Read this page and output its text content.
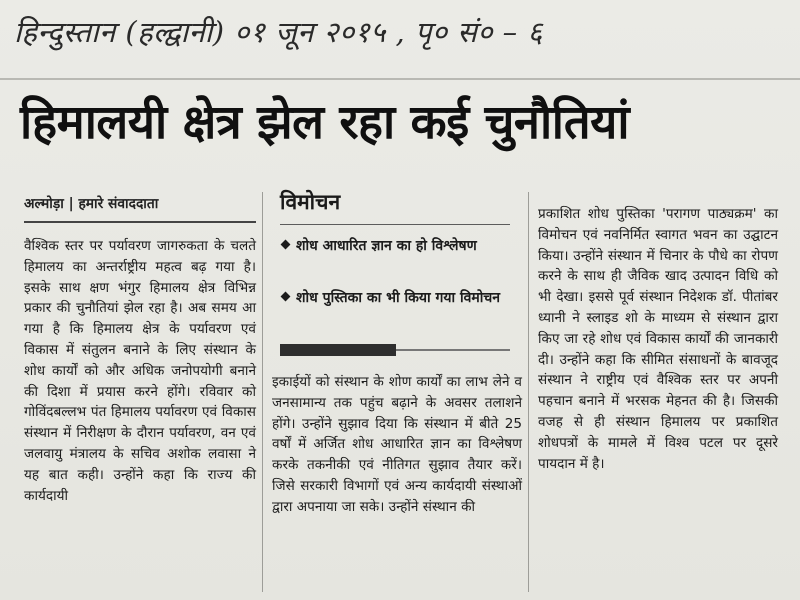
हिन्दुस्तान (हल्द्वानी) ०१ जून २०१५ , पृ० सं० – ६
हिमालयी क्षेत्र झेल रहा कई चुनौतियां
अल्मोड़ा | हमारे संवाददाता

वैश्विक स्तर पर पर्यावरण जागरुकता के चलते हिमालय का अन्तर्राष्ट्रीय महत्व बढ़ गया है। इसके साथ क्षण भंगुर हिमालय क्षेत्र विभिन्न प्रकार की चुनौतियां झेल रहा है। अब समय आ गया है कि हिमालय क्षेत्र के पर्यावरण एवं विकास में संतुलन बनाने के लिए संस्थान के शोध कार्यों को और अधिक जनोपयोगी बनाने की दिशा में प्रयास करने होंगे। रविवार को गोविंदबल्लभ पंत हिमालय पर्यावरण एवं विकास संस्थान में निरीक्षण के दौरान पर्यावरण, वन एवं जलवायु मंत्रालय के सचिव अशोक लवासा ने यह बात कही। उन्होंने कहा कि राज्य की कार्यदायी

विमोचन
शोध आधारित ज्ञान का हो विश्लेषण
शोध पुस्तिका का भी किया गया विमोचन

इकाईयों को संस्थान के शोण कार्यों का लाभ लेने व जनसामान्य तक पहुंच बढ़ाने के अवसर तलाशने होंगे। उन्होंने सुझाव दिया कि संस्थान में बीते 25 वर्षों में अर्जित शोध आधारित ज्ञान का विश्लेषण करके तकनीकी एवं नीतिगत सुझाव तैयार करें। जिसे सरकारी विभागों एवं अन्य कार्यदायी संस्थाओं द्वारा अपनाया जा सके। उन्होंने संस्थान की

प्रकाशित शोध पुस्तिका 'परागण पाठ्यक्रम' का विमोचन एवं नवनिर्मित स्वागत भवन का उद्घाटन किया। उन्होंने संस्थान में चिनार के पौधे का रोपण करने के साथ ही जैविक खाद उत्पादन विधि को भी देखा। इससे पूर्व संस्थान निदेशक डॉ. पीतांबर ध्यानी ने स्लाइड शो के माध्यम से संस्थान द्वारा किए जा रहे शोध एवं विकास कार्यों की जानकारी दी। उन्होंने कहा कि सीमित संसाधनों के बावजूद संस्थान ने राष्ट्रीय एवं वैश्विक स्तर पर अपनी पहचान बनाने में भरसक मेहनत की है। जिसकी वजह से ही संस्थान हिमालय पर प्रकाशित शोधपत्रों के मामले में विश्व पटल पर दूसरे पायदान में है।
